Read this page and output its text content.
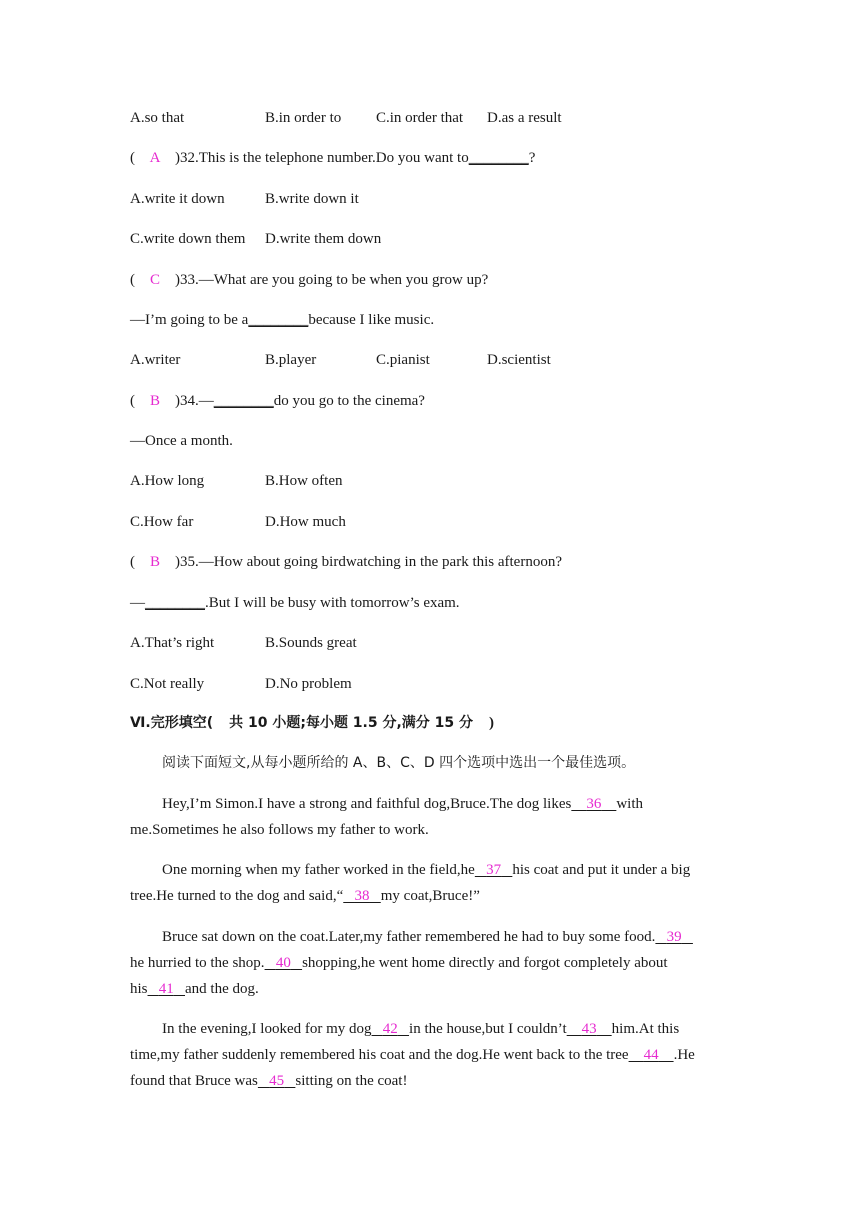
A.so that	B.in order to C.in order that D.as a result
( A )32.This is the telephone number.Do you want to________?
A.write it down	B.write down it
C.write down them D.write them down
( C )33.—What are you going to be when you grow up?
—I’m going to be a________because I like music.
A.writer	B.player	C.pianist	D.scientist
( B )34.—________do you go to the cinema?
—Once a month.
A.How long	B.How often
C.How far	D.How much
( B )35.—How about going birdwatching in the park this afternoon?
—________.But I will be busy with tomorrow’s exam.
A.That’s right	B.Sounds great
C.Not really	D.No problem
Ⅵ.完形填空( 共 10 小题;每小题 1.5 分,满分 15 分 )
阅读下面短文,从每小题所给的 A、B、C、D 四个选项中选出一个最佳选项。
Hey,I’m Simon.I have a strong and faithful dog,Bruce.The dog likes 36 with
me.Sometimes he also follows my father to work.
One morning when my father worked in the field,he 37 his coat and put it under a big
tree.He turned to the dog and said,“ 38 my coat,Bruce!”
Bruce sat down on the coat.Later,my father remembered he had to buy some food. 39
he hurried to the shop. 40 shopping,he went home directly and forgot completely about
his 41 and the dog.
In the evening,I looked for my dog 42 in the house,but I couldn’t 43 him.At this
time,my father suddenly remembered his coat and the dog.He went back to the tree 44 .He
found that Bruce was 45 sitting on the coat!
